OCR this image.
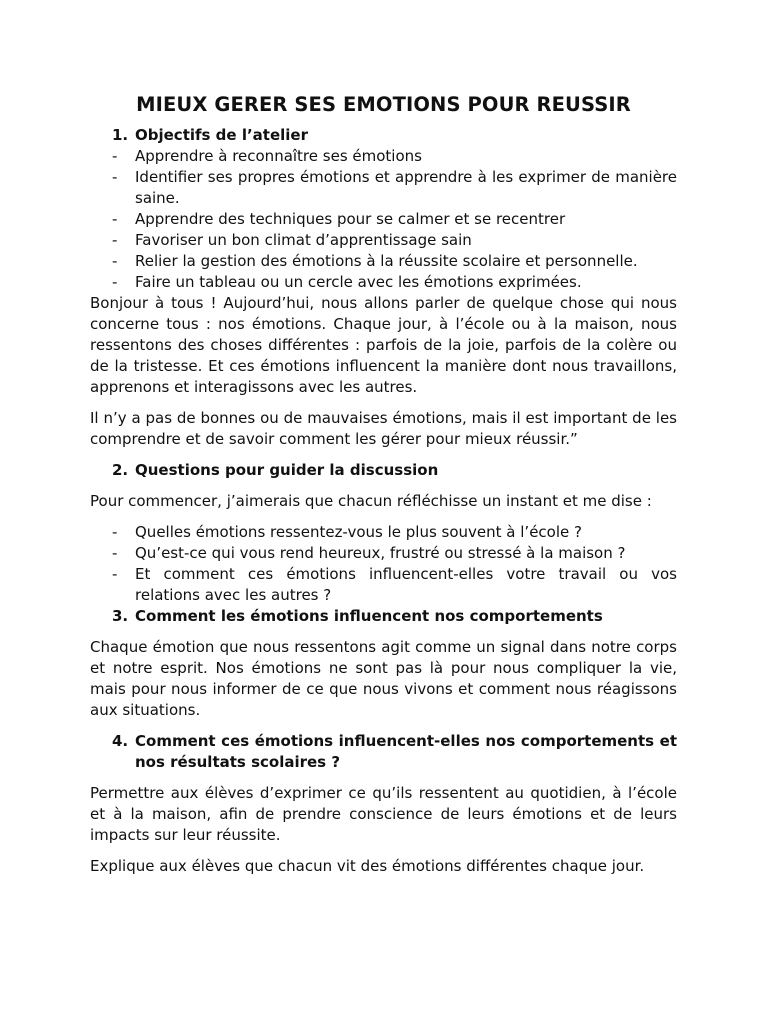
MIEUX GERER SES EMOTIONS POUR REUSSIR
1. Objectifs de l’atelier
- Apprendre à reconnaître ses émotions
- Identifier ses propres émotions et apprendre à les exprimer de manière saine.
- Apprendre des techniques pour se calmer et se recentrer
- Favoriser un bon climat d’apprentissage sain
- Relier la gestion des émotions à la réussite scolaire et personnelle.
- Faire un tableau ou un cercle avec les émotions exprimées.

Bonjour à tous ! Aujourd’hui, nous allons parler de quelque chose qui nous concerne tous : nos émotions. Chaque jour, à l’école ou à la maison, nous ressentons des choses différentes : parfois de la joie, parfois de la colère ou de la tristesse. Et ces émotions influencent la manière dont nous travaillons, apprenons et interagissons avec les autres.

Il n’y a pas de bonnes ou de mauvaises émotions, mais il est important de les comprendre et de savoir comment les gérer pour mieux réussir.”

2. Questions pour guider la discussion

Pour commencer, j’aimerais que chacun réfléchisse un instant et me dise :

- Quelles émotions ressentez-vous le plus souvent à l’école ?
- Qu’est-ce qui vous rend heureux, frustré ou stressé à la maison ?
- Et comment ces émotions influencent-elles votre travail ou vos relations avec les autres ?
3. Comment les émotions influencent nos comportements

Chaque émotion que nous ressentons agit comme un signal dans notre corps et notre esprit. Nos émotions ne sont pas là pour nous compliquer la vie, mais pour nous informer de ce que nous vivons et comment nous réagissons aux situations.

4. Comment ces émotions influencent-elles nos comportements et nos résultats scolaires ?

Permettre aux élèves d’exprimer ce qu’ils ressentent au quotidien, à l’école et à la maison, afin de prendre conscience de leurs émotions et de leurs impacts sur leur réussite.

Explique aux élèves que chacun vit des émotions différentes chaque jour.
